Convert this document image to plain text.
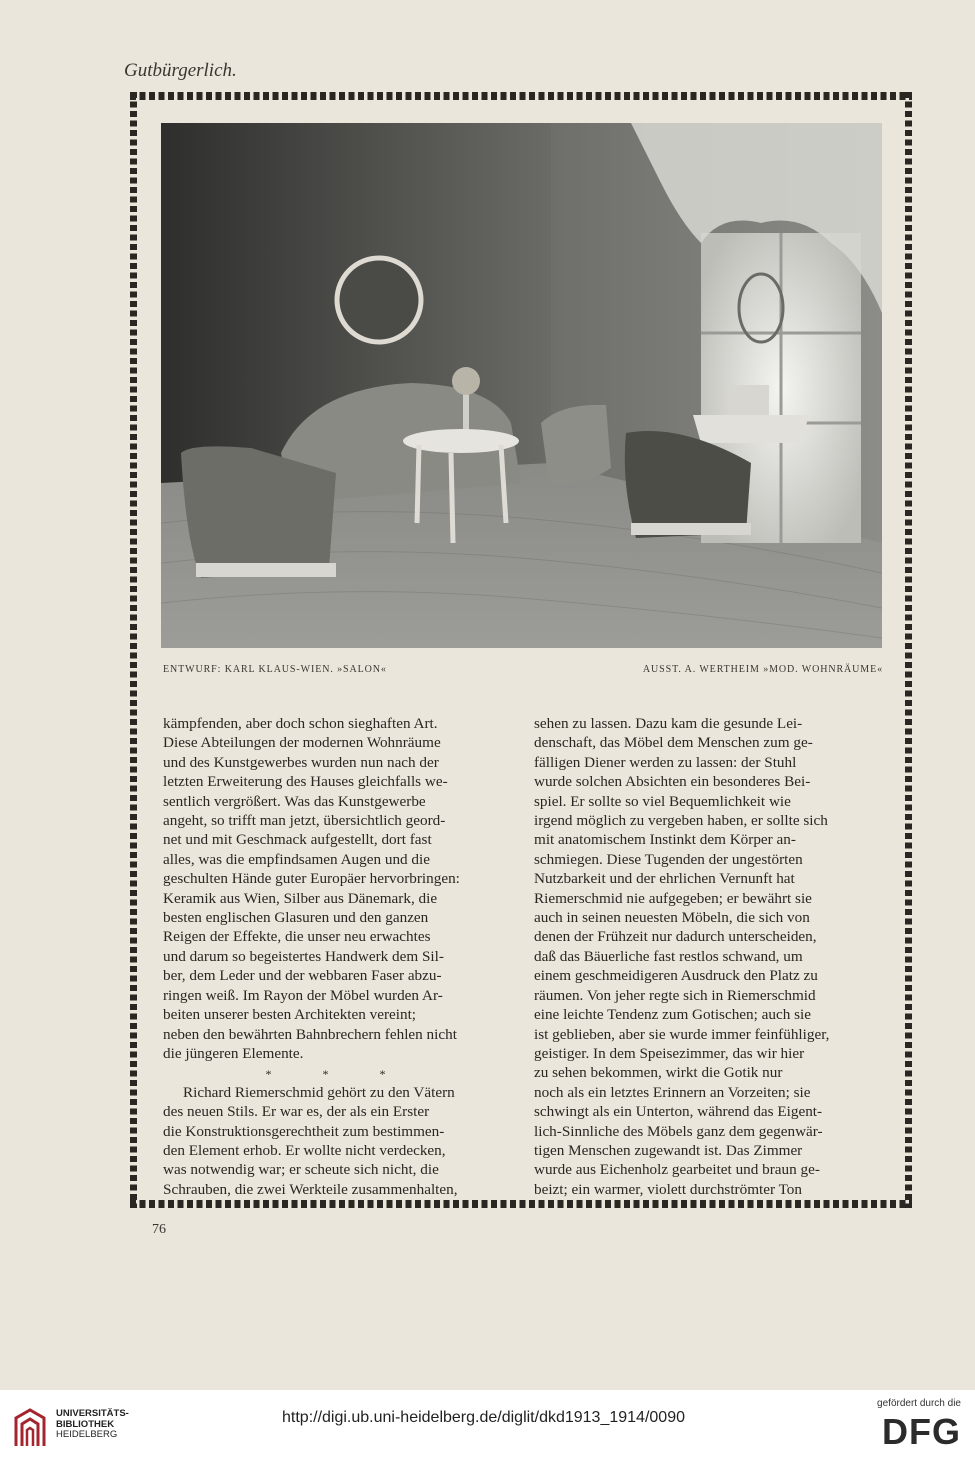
Gutbürgerlich.
ENTWURF: KARL KLAUS-WIEN. »SALON«	AUSST. A. WERTHEIM »MOD. WOHNRÄUME«

kämpfenden, aber doch schon sieghaften Art.
Diese Abteilungen der modernen Wohnräume
und des Kunstgewerbes wurden nun nach der
letzten Erweiterung des Hauses gleichfalls we-
sentlich vergrößert. Was das Kunstgewerbe
angeht, so trifft man jetzt, übersichtlich geord-
net und mit Geschmack aufgestellt, dort fast
alles, was die empfindsamen Augen und die
geschulten Hände guter Europäer hervorbringen:
Keramik aus Wien, Silber aus Dänemark, die
besten englischen Glasuren und den ganzen
Reigen der Effekte, die unser neu erwachtes
und darum so begeistertes Handwerk dem Sil-
ber, dem Leder und der webbaren Faser abzu-
ringen weiß. Im Rayon der Möbel wurden Ar-
beiten unserer besten Architekten vereint;
neben den bewährten Bahnbrechern fehlen nicht
die jüngeren Elemente.

* * *

Richard Riemerschmid gehört zu den Vätern
des neuen Stils. Er war es, der als ein Erster
die Konstruktionsgerechtheit zum bestimmen-
den Element erhob. Er wollte nicht verdecken,
was notwendig war; er scheute sich nicht, die
Schrauben, die zwei Werkteile zusammenhalten,

sehen zu lassen. Dazu kam die gesunde Lei-
denschaft, das Möbel dem Menschen zum ge-
fälligen Diener werden zu lassen: der Stuhl
wurde solchen Absichten ein besonderes Bei-
spiel. Er sollte so viel Bequemlichkeit wie
irgend möglich zu vergeben haben, er sollte sich
mit anatomischem Instinkt dem Körper an-
schmiegen. Diese Tugenden der ungestörten
Nutzbarkeit und der ehrlichen Vernunft hat
Riemerschmid nie aufgegeben; er bewährt sie
auch in seinen neuesten Möbeln, die sich von
denen der Frühzeit nur dadurch unterscheiden,
daß das Bäuerliche fast restlos schwand, um
einem geschmeidigeren Ausdruck den Platz zu
räumen. Von jeher regte sich in Riemerschmid
eine leichte Tendenz zum Gotischen; auch sie
ist geblieben, aber sie wurde immer feinfühliger,
geistiger. In dem Speisezimmer, das wir hier
zu sehen bekommen, wirkt die Gotik nur
noch als ein letztes Erinnern an Vorzeiten; sie
schwingt als ein Unterton, während das Eigent-
lich-Sinnliche des Möbels ganz dem gegenwär-
tigen Menschen zugewandt ist. Das Zimmer
wurde aus Eichenholz gearbeitet und braun ge-
beizt; ein warmer, violett durchströmter Ton

76
UNIVERSITÄTS-
BIBLIOTHEK
HEIDELBERG
http://digi.ub.uni-heidelberg.de/diglit/dkd1913_1914/0090
gefördert durch die
DFG
